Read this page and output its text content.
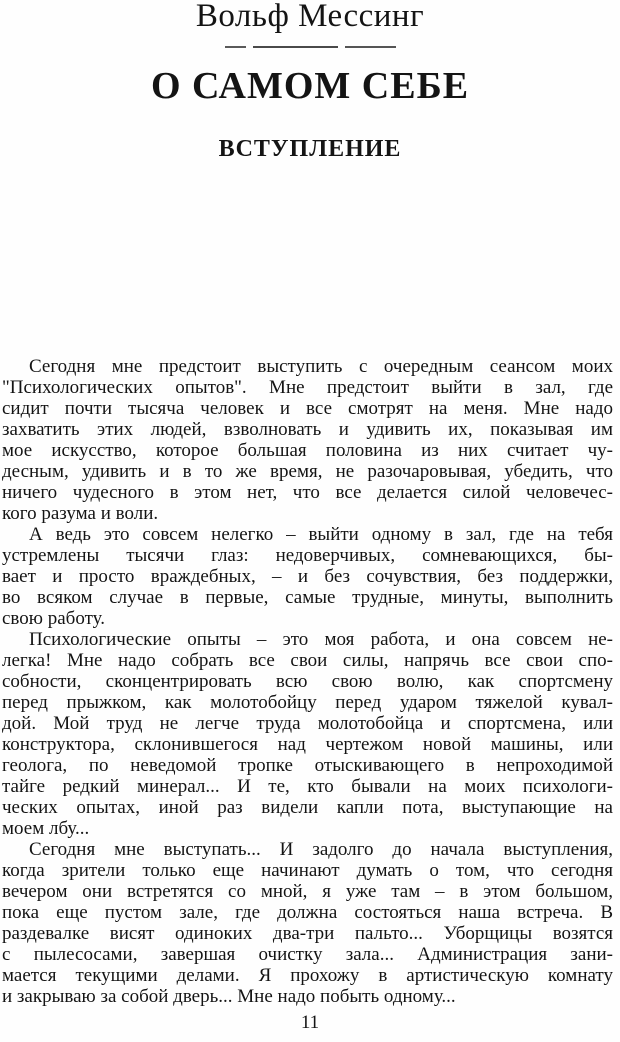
Вольф Мессинг
О САМОМ СЕБЕ
ВСТУПЛЕНИЕ
Сегодня мне предстоит выступить с очередным сеансом моих
"Психологических опытов". Мне предстоит выйти в зал, где
сидит почти тысяча человек и все смотрят на меня. Мне надо
захватить этих людей, взволновать и удивить их, показывая им
мое искусство, которое большая половина из них считает чу-
десным, удивить и в то же время, не разочаровывая, убедить, что
ничего чудесного в этом нет, что все делается силой человечес-
кого разума и воли.
А ведь это совсем нелегко – выйти одному в зал, где на тебя
устремлены тысячи глаз: недоверчивых, сомневающихся, бы-
вает и просто враждебных, – и без сочувствия, без поддержки,
во всяком случае в первые, самые трудные, минуты, выполнить
свою работу.
Психологические опыты – это моя работа, и она совсем не-
легка! Мне надо собрать все свои силы, напрячь все свои спо-
собности, сконцентрировать всю свою волю, как спортсмену
перед прыжком, как молотобойцу перед ударом тяжелой кувал-
дой. Мой труд не легче труда молотобойца и спортсмена, или
конструктора, склонившегося над чертежом новой машины, или
геолога, по неведомой тропке отыскивающего в непроходимой
тайге редкий минерал... И те, кто бывали на моих психологи-
ческих опытах, иной раз видели капли пота, выступающие на
моем лбу...
Сегодня мне выступать... И задолго до начала выступления,
когда зрители только еще начинают думать о том, что сегодня
вечером они встретятся со мной, я уже там – в этом большом,
пока еще пустом зале, где должна состояться наша встреча. В
раздевалке висят одиноких два-три пальто... Уборщицы возятся
с пылесосами, завершая очистку зала... Администрация зани-
мается текущими делами. Я прохожу в артистическую комнату
и закрываю за собой дверь... Мне надо побыть одному...
11
